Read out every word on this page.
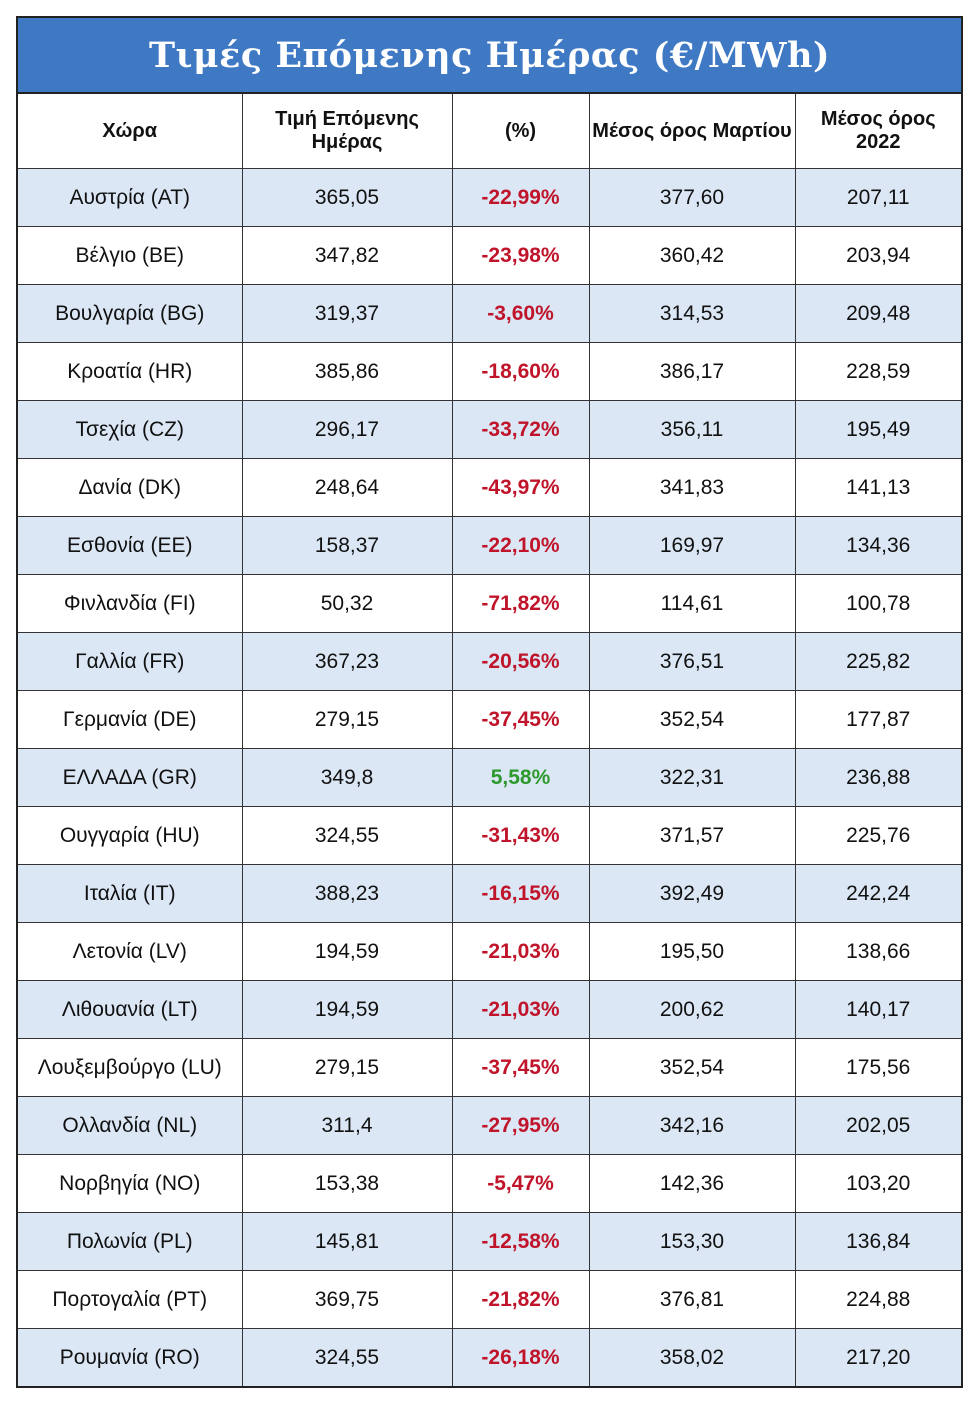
Τιμές Επόμενης Ημέρας (€/MWh)
Χώρα	Τιμή Επόμενης Ημέρας	(%)	Μέσος όρος Μαρτίου	Μέσος όρος 2022
Αυστρία (AT)	365,05	-22,99%	377,60	207,11
Βέλγιο (BE)	347,82	-23,98%	360,42	203,94
Βουλγαρία (BG)	319,37	-3,60%	314,53	209,48
Κροατία (HR)	385,86	-18,60%	386,17	228,59
Τσεχία (CZ)	296,17	-33,72%	356,11	195,49
Δανία (DK)	248,64	-43,97%	341,83	141,13
Εσθονία (EE)	158,37	-22,10%	169,97	134,36
Φινλανδία (FI)	50,32	-71,82%	114,61	100,78
Γαλλία (FR)	367,23	-20,56%	376,51	225,82
Γερμανία (DE)	279,15	-37,45%	352,54	177,87
ΕΛΛΑΔΑ (GR)	349,8	5,58%	322,31	236,88
Ουγγαρία (HU)	324,55	-31,43%	371,57	225,76
Ιταλία (IT)	388,23	-16,15%	392,49	242,24
Λετονία (LV)	194,59	-21,03%	195,50	138,66
Λιθουανία (LT)	194,59	-21,03%	200,62	140,17
Λουξεμβούργο (LU)	279,15	-37,45%	352,54	175,56
Ολλανδία (NL)	311,4	-27,95%	342,16	202,05
Νορβηγία (NO)	153,38	-5,47%	142,36	103,20
Πολωνία (PL)	145,81	-12,58%	153,30	136,84
Πορτογαλία (PT)	369,75	-21,82%	376,81	224,88
Ρουμανία (RO)	324,55	-26,18%	358,02	217,20
